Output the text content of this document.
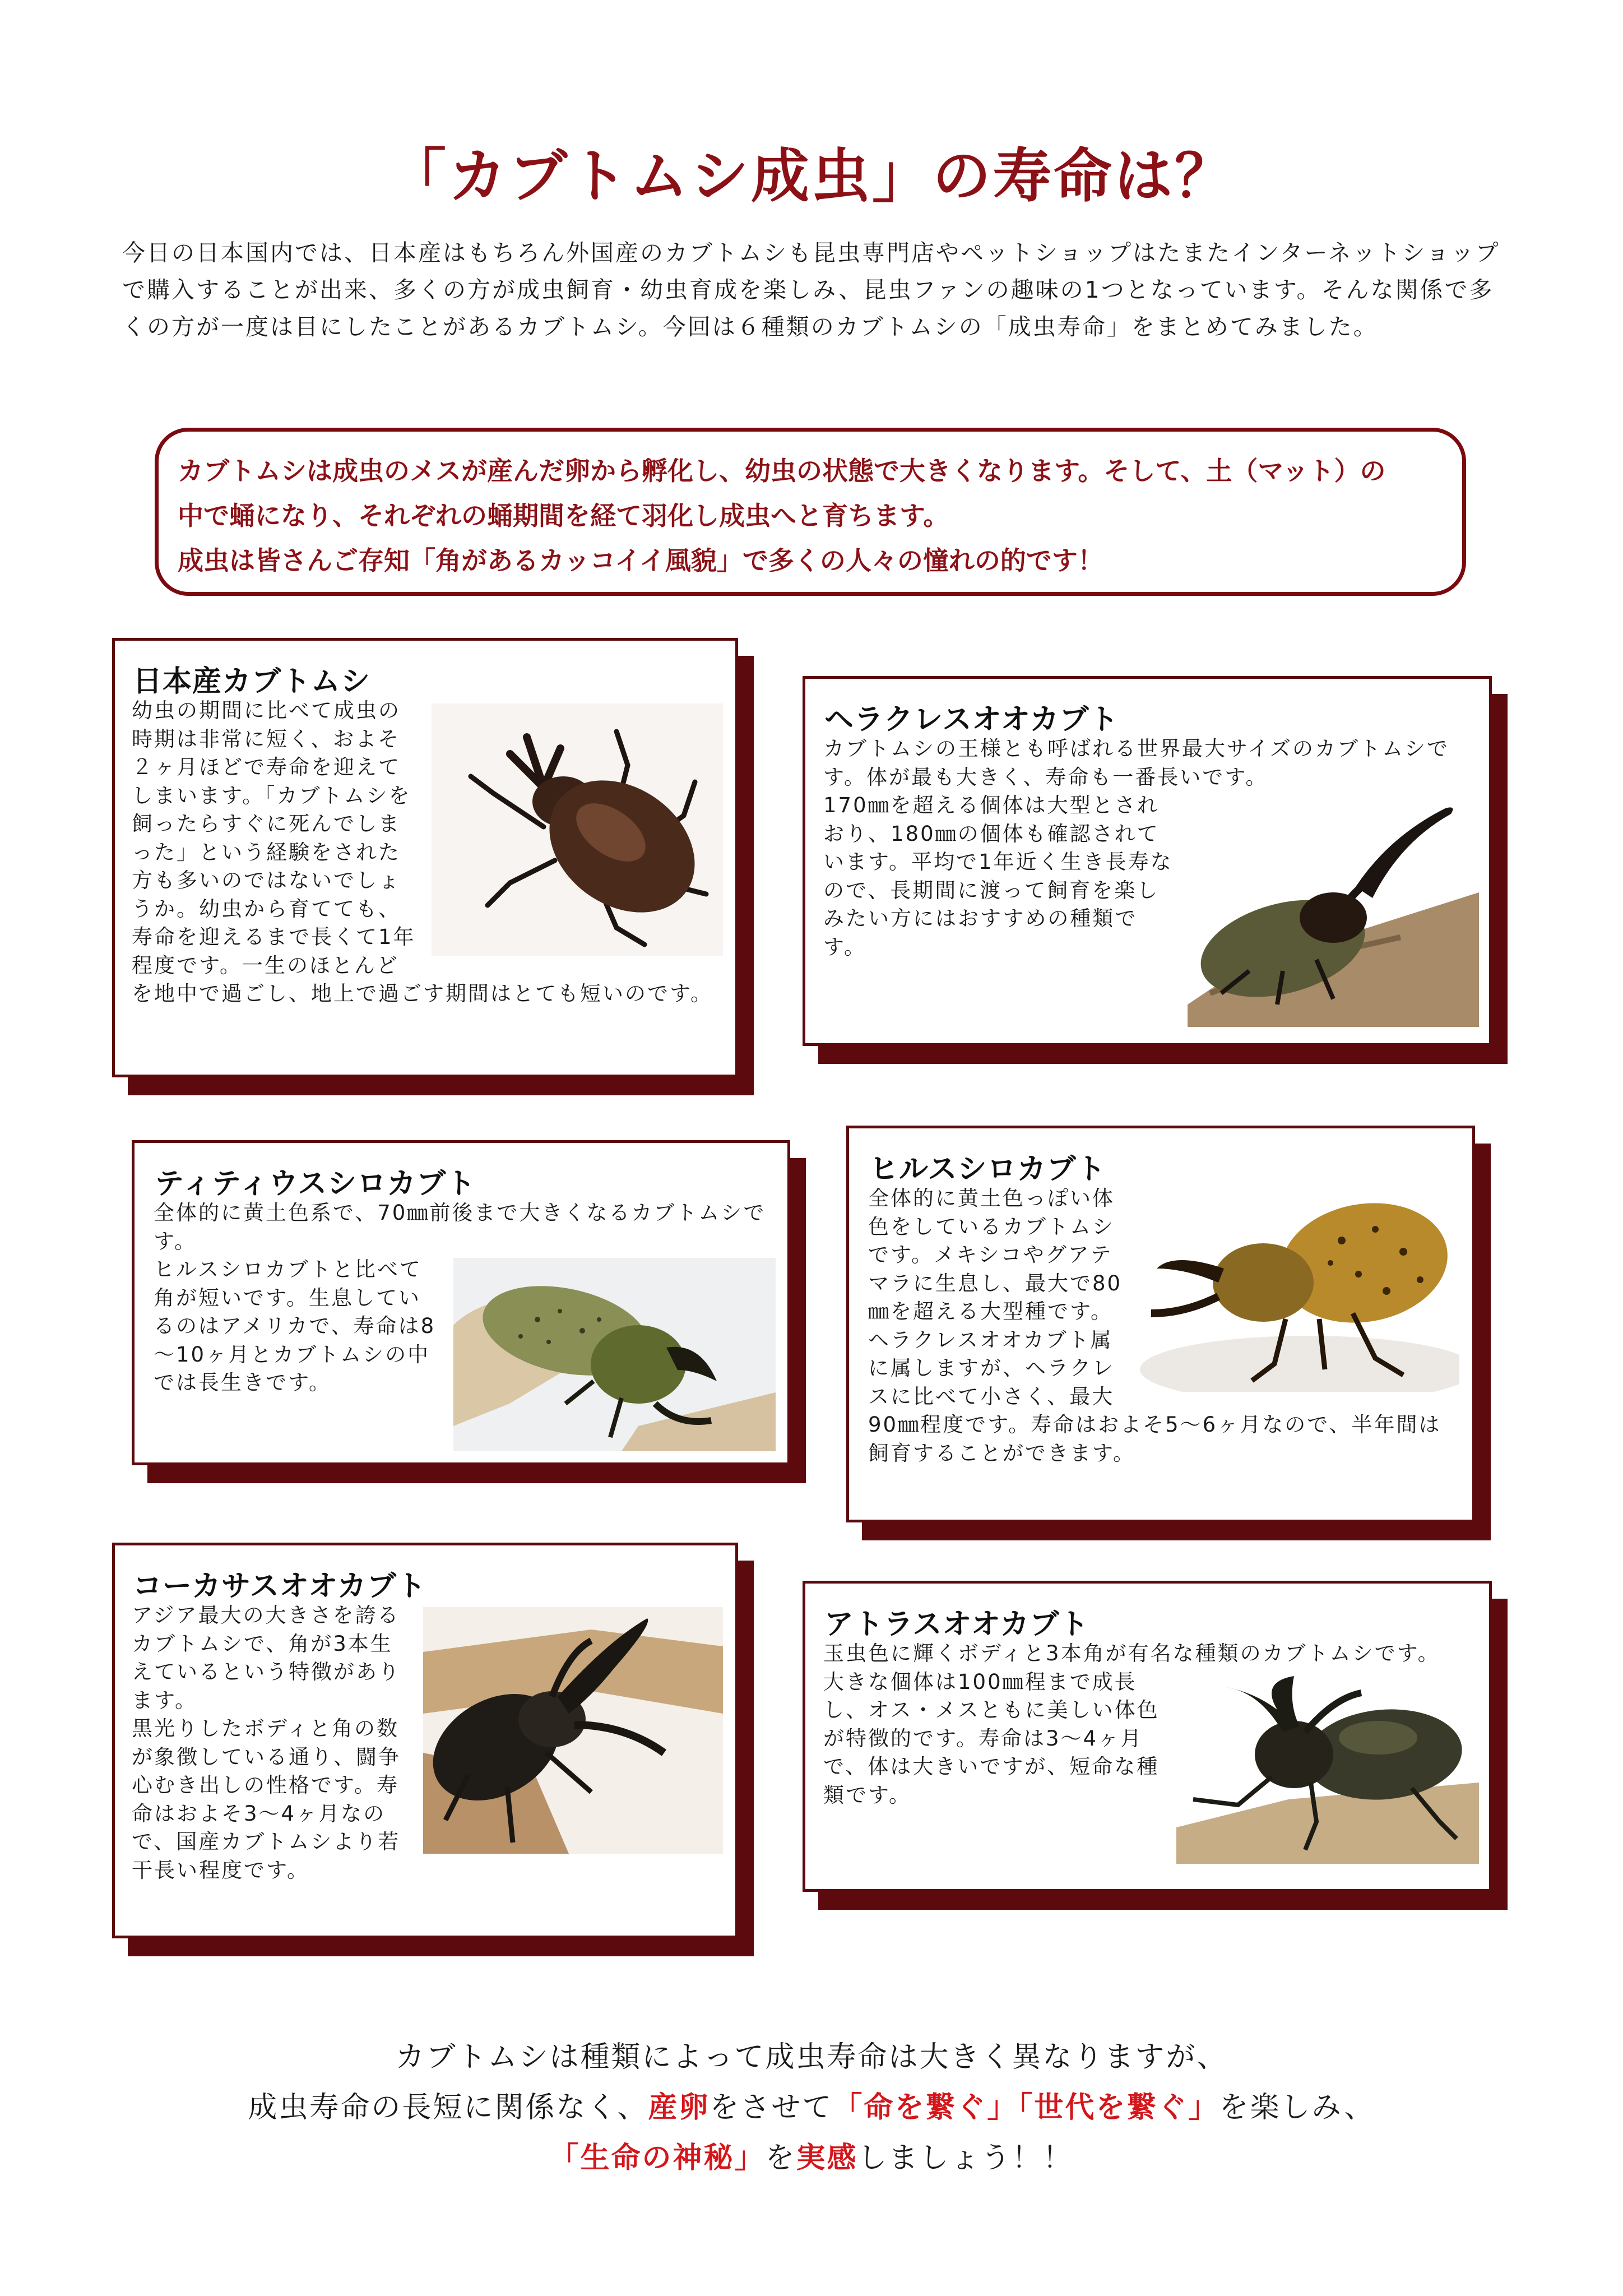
「カブトムシ成虫」の寿命は？

今日の日本国内では、日本産はもちろん外国産のカブトムシも昆虫専門店やペットショップはたまたインターネットショップで購入することが出来、多くの方が成虫飼育・幼虫育成を楽しみ、昆虫ファンの趣味の1つとなっています。そんな関係で多くの方が一度は目にしたことがあるカブトムシ。今回は６種類のカブトムシの「成虫寿命」をまとめてみました。

カブトムシは成虫のメスが産んだ卵から孵化し、幼虫の状態で大きくなります。そして、土（マット）の

中で蛹になり、それぞれの蛹期間を経て羽化し成虫へと育ちます。

成虫は皆さんご存知「角があるカッコイイ風貌」で多くの人々の憧れの的です！

日本産カブトムシ

幼虫の期間に比べて成虫の時期は非常に短く、およそ２ヶ月ほどで寿命を迎えてしまいます。「カブトムシを飼ったらすぐに死んでしまった」という経験をされた方も多いのではないでしょうか。幼虫から育てても、寿命を迎えるまで長くて1年程度です。一生のほとんどを地中で過ごし、地上で過ごす期間はとても短いのです。

ヘラクレスオオカブト

カブトムシの王様とも呼ばれる世界最大サイズのカブトムシです。体が最も大きく、寿命も一番長いです。

170㎜を超える個体は大型とされおり、180㎜の個体も確認されています。平均で1年近く生き長寿なので、長期間に渡って飼育を楽しみたい方にはおすすめの種類です。

ティティウスシロカブト

全体的に黄土色系で、70㎜前後まで大きくなるカブトムシです。

ヒルスシロカブトと比べて角が短いです。生息しているのはアメリカで、寿命は8～10ヶ月とカブトムシの中では長生きです。

ヒルスシロカブト

全体的に黄土色っぽい体色をしているカブトムシです。メキシコやグアテマラに生息し、最大で80㎜を超える大型種です。

ヘラクレスオオカブト属に属しますが、ヘラクレスに比べて小さく、最大90㎜程度です。寿命はおよそ5～6ヶ月なので、半年間は飼育することができます。

コーカサスオオカブト

アジア最大の大きさを誇るカブトムシで、角が3本生えているという特徴があります。

黒光りしたボディと角の数が象徴している通り、闘争心むき出しの性格です。寿命はおよそ3～4ヶ月なので、国産カブトムシより若干長い程度です。

アトラスオオカブト

玉虫色に輝くボディと3本角が有名な種類のカブトムシです。

大きな個体は100㎜程まで成長し、オス・メスともに美しい体色が特徴的です。寿命は3～4ヶ月で、体は大きいですが、短命な種類です。

カブトムシは種類によって成虫寿命は大きく異なりますが、

成虫寿命の長短に関係なく、産卵をさせて「命を繋ぐ」「世代を繋ぐ」を楽しみ、

「生命の神秘」を実感しましょう！！
